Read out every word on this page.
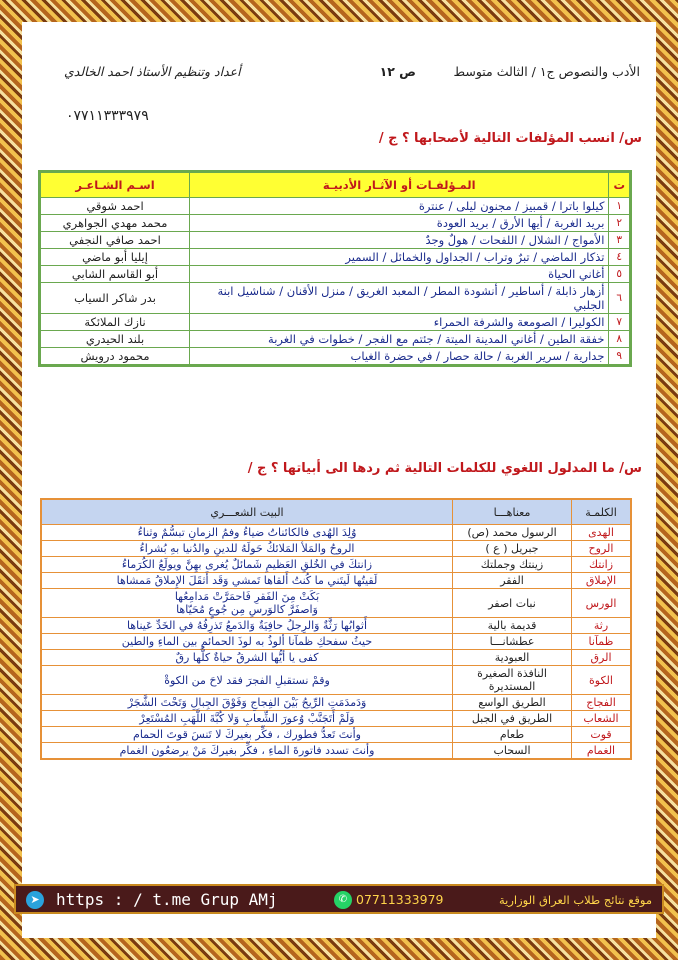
الأدب والنصوص ج١ / الثالث متوسط
ص ١٢
أعداد وتنظيم الأستاذ احمد الخالدي
٠٧٧١١٣٣٣٩٧٩
س/ انسب المؤلفات التالية لأصحابها ؟ ج /
ت	المـؤلفـات أو الآثـار الأدبيـة	اسـم الشـاعـر
١	كيلوا باترا / قمبيز / مجنون ليلى / عنترة	احمد شوقي
٢	بريد الغربة / أيها الأرق / بريد العودة	محمد مهدي الجواهري
٣	الأمواج / الشلال / اللفحات / هولٌ وجدٌ	احمد صافي النجفي
٤	تذكار الماضي / تبرٌ وتراب / الجداول والخمائل / السمير	إيليا أبو ماضي
٥	أغاني الحياة	أبو القاسم الشابي
٦	أزهار ذابلة / أساطير / أنشودة المطر / المعبد الغريق / منزل الأقنان / شناشيل ابنة الجلبي	بدر شاكر السياب
٧	الكوليرا / الصومعة والشرفة الحمراء	نازك الملائكة
٨	خفقة الطين / أغاني المدينة الميتة / جئتم مع الفجر / خطوات في الغربة	بلند الحيدري
٩	جدارية / سرير الغربة / حالة حصار / في حضرة الغياب	محمود درويش
س/ ما المدلول اللغوي للكلمات التالية ثم ردها الى أبياتها ؟ ج /
الكلمـة	معناهـــا	البيت الشعـــري
الهدى	الرسول محمد (ص)	وُلِدَ الهُدى فالكائناتُ ضياءُ وفمُ الزمانِ تبسُّمٌ وثناءُ

الروح	جبريل ( ع )	الروحُ والمَلأ المَلائكُ حَولَهُ للدينِ والدُنيا بهِ بُشراءُ

زانتك	زينتك وجملتك	زانتكَ في الخُلقِ العَظيمِ شَمائلٌ يُغرى بهِنَّ ويولَعُ الكُرَماءُ

الإملاق	الفقر	لَقيتُها لَيتَني ما كُنتُ أَلقاها تَمشي وَقَد أَثقَلَ الإِملاقُ مَمشاها

الورس	نبات اصفر	بَكَتْ مِنَ الفَقرِ فَاحمَرَّتْ مَدامِعُها
وَاصفَرَّ كالوَرسِ مِن جُوعٍ مُحَيّاها

رثة	قديمة بالية	أَثوابُها رَثَّةٌ وَالرِجلُ حافِيَةٌ وَالدَمعُ تَذرِفُهُ في الخَدِّ عَيناها

ظمآنا	عطشانـــا	حيثُ سفحكِ ظمآنا ألوذُ به لوذَ الحمائمِ بين الماءِ والطين

الرق	العبودية	كفى يا أيُّها الشرقُ حياةٌ كلُّها رقٌ

الكوة	النافذة الصغيرة المستديرة	وقمْ نستقبلِ الفجرَ فقد لاحَ من الكوةْ

الفجاج	الطريق الواسع	وَدَمدَمَتِ الرِّيحُ بَيْنَ الفِجاجِ وَفَوْقَ الجِبالِ وَتَحْتَ الشَّجَرْ

الشعاب	الطريق في الجبل	وَلَمْ أَتَجَنَّبْ وُعورَ الشِّعابِ وَلا كُبَّةَ اللَّهَبِ المُسْتَعِرْ

قوت	طعام	وأنتَ تَعدُّ فطورك ، فكِّر بغيركَ لا تَنسَ قوتَ الحمام

الغمام	السحاب	وأنتَ تسدد فاتورةَ الماءِ ، فكِّر بغيركَ مَنْ يرضعُون الغمام
➤ https : / t.me Grup AMj	✆ 07711333979	موقع نتائج طلاب العراق الوزارية
